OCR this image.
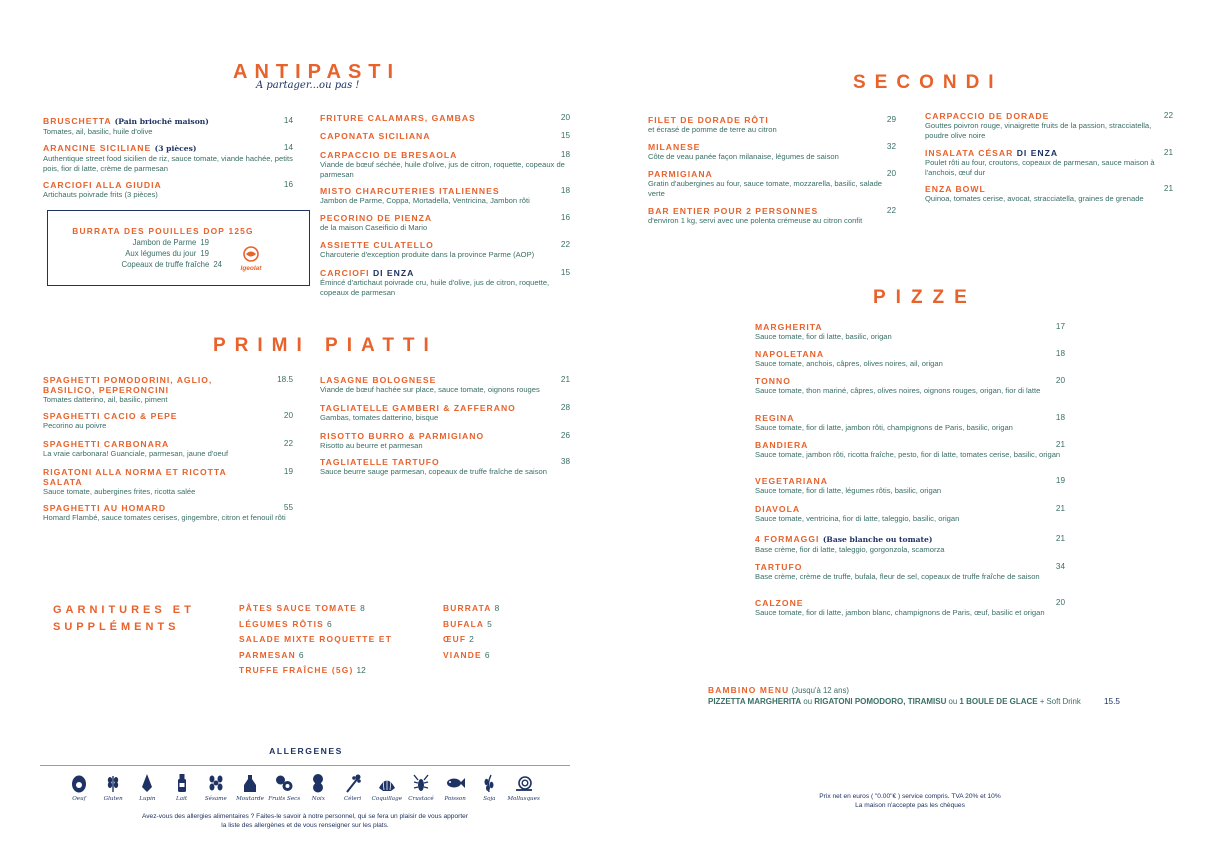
ANTIPASTI
A partager...ou pas !
BRUSCHETTA (Pain brioché maison)
Tomates, ail, basilic, huile d'olive
14
ARANCINE SICILIANE (3 pièces)
Authentique street food sicilien de riz, sauce tomate, viande hachée, petits pois, fior di latte, crème de parmesan
14
CARCIOFI ALLA GIUDIA
Artichauts poivrade frits (3 pièces)
16
BURRATA DES POUILLES DOP 125G
Jambon de Parme 19
Aux légumes du jour 19
Copeaux de truffe fraîche 24	Igeolat
FRITURE CALAMARS, GAMBAS	20
CAPONATA SICILIANA	15
CARPACCIO DE BRESAOLA
Viande de bœuf séchée, huile d'olive, jus de citron, roquette, copeaux de parmesan
18
MISTO CHARCUTERIES ITALIENNES
Jambon de Parme, Coppa, Mortadella, Ventricina, Jambon rôti
18
PECORINO DE PIENZA
de la maison Caseificio di Mario
16
ASSIETTE CULATELLO
Charcuterie d'exception produite dans la province Parme (AOP)
22
CARCIOFI DI ENZA
Émincé d'artichaut poivrade cru, huile d'olive, jus de citron, roquette, copeaux de parmesan
15
PRIMI PIATTI
SPAGHETTI POMODORINI, AGLIO, BASILICO, PEPERONCINI
Tomates datterino, ail, basilic, piment
18.5
SPAGHETTI CACIO & PEPE
Pecorino au poivre
20
SPAGHETTI CARBONARA
La vraie carbonara! Guanciale, parmesan, jaune d'oeuf
22
RIGATONI ALLA NORMA ET RICOTTA SALATA
Sauce tomate, aubergines frites, ricotta salée
19
SPAGHETTI AU HOMARD
Homard Flambé, sauce tomates cerises, gingembre, citron et fenouil rôti
55
LASAGNE BOLOGNESE
Viande de bœuf hachée sur place, sauce tomate, oignons rouges
21
TAGLIATELLE GAMBERI & ZAFFERANO
Gambas, tomates datterino, bisque
28
RISOTTO BURRO & PARMIGIANO
Risotto au beurre et parmesan
26
TAGLIATELLE TARTUFO
Sauce beurre sauge parmesan, copeaux de truffe fraîche de saison
38
GARNITURES ET
SUPPLÉMENTS
PÂTES SAUCE TOMATE 8
LÉGUMES RÔTIS 6
SALADE MIXTE ROQUETTE ET
PARMESAN 6
TRUFFE FRAÎCHE (5G) 12
BURRATA 8
BUFALA 5
ŒUF 2
VIANDE 6
ALLERGENES
Oeuf	Gluten	Lupin	Lait	Sésame	Moutarde Fruits Secs	Noix	Céleri	Coquillage	Crustacé	Poisson	Soja	Mollusques
Avez-vous des allergies alimentaires ? Faites-le savoir à notre personnel, qui se fera un plaisir de vous apporter
la liste des allergènes et de vous renseigner sur les plats.
SECONDI
FILET DE DORADE RÔTI
et écrasé de pomme de terre au citron
29
MILANESE
Côte de veau panée façon milanaise, légumes de saison
32
PARMIGIANA
Gratin d'aubergines au four, sauce tomate, mozzarella, basilic, salade verte
20
BAR ENTIER POUR 2 PERSONNES
d'environ 1 kg, servi avec une polenta crémeuse au citron confit
22
CARPACCIO DE DORADE
Gouttes poivron rouge, vinaigrette fruits de la passion, stracciatella, poudre olive noire
22
INSALATA CÉSAR DI ENZA
Poulet rôti au four, croutons, copeaux de parmesan, sauce maison à l'anchois, œuf dur
21
ENZA BOWL
Quinoa, tomates cerise, avocat, stracciatella, graines de grenade
21
PIZZE
MARGHERITA
Sauce tomate, fior di latte, basilic, origan
17
NAPOLETANA
Sauce tomate, anchois, câpres, olives noires, ail, origan
18
TONNO
Sauce tomate, thon mariné, câpres, olives noires, oignons rouges, origan, fior di latte
20
REGINA
Sauce tomate, fior di latte, jambon rôti, champignons de Paris, basilic, origan
18
BANDIERA
Sauce tomate, jambon rôti, ricotta fraîche, pesto, fior di latte, tomates cerise, basilic, origan
21
VEGETARIANA
Sauce tomate, fior di latte, légumes rôtis, basilic, origan
19
DIAVOLA
Sauce tomate, ventricina, fior di latte, taleggio, basilic, origan
21
4 FORMAGGI (Base blanche ou tomate)
Base crème, fior di latte, taleggio, gorgonzola, scamorza
21
TARTUFO
Base crème, crème de truffe, bufala, fleur de sel, copeaux de truffe fraîche de saison
34
CALZONE
Sauce tomate, fior di latte, jambon blanc, champignons de Paris, œuf, basilic et origan
20
BAMBINO MENU (Jusqu'à 12 ans)
PIZZETTA MARGHERITA ou RIGATONI POMODORO, TIRAMISU ou 1 BOULE DE GLACE + Soft Drink	15.5
Prix net en euros ( "0.00"€ ) service compris. TVA 20% et 10%
La maison n'accepte pas les chèques
